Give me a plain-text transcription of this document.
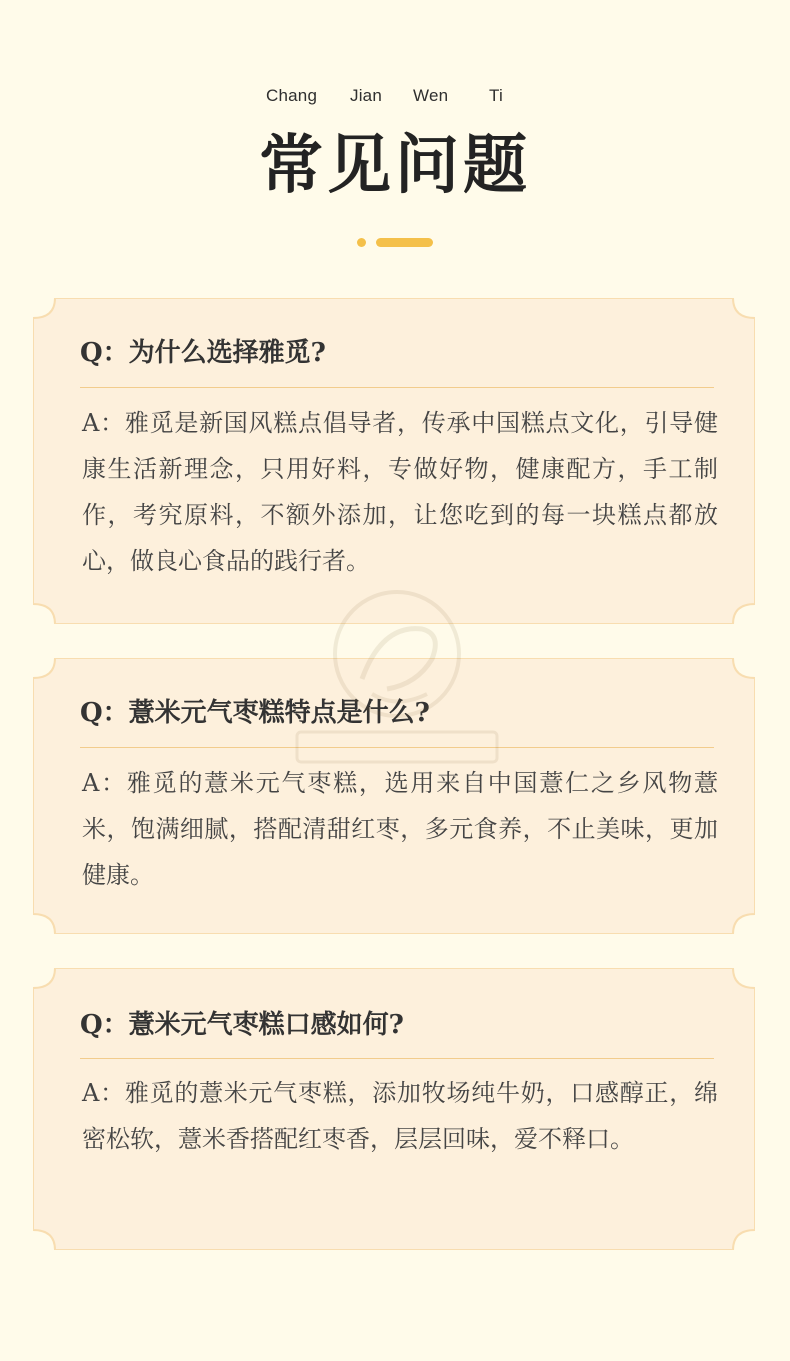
Chang Jian Wen Ti
常见问题
Q：为什么选择雅觅?
A：雅觅是新国风糕点倡导者，传承中国糕点文化，引导健康生活新理念，只用好料，专做好物，健康配方，手工制作，考究原料，不额外添加，让您吃到的每一块糕点都放心，做良心食品的践行者。
Q：薏米元气枣糕特点是什么?
A：雅觅的薏米元气枣糕，选用来自中国薏仁之乡风物薏米，饱满细腻，搭配清甜红枣，多元食养，不止美味，更加健康。
Q：薏米元气枣糕口感如何?
A：雅觅的薏米元气枣糕，添加牧场纯牛奶，口感醇正，绵密松软，薏米香搭配红枣香，层层回味，爱不释口。
